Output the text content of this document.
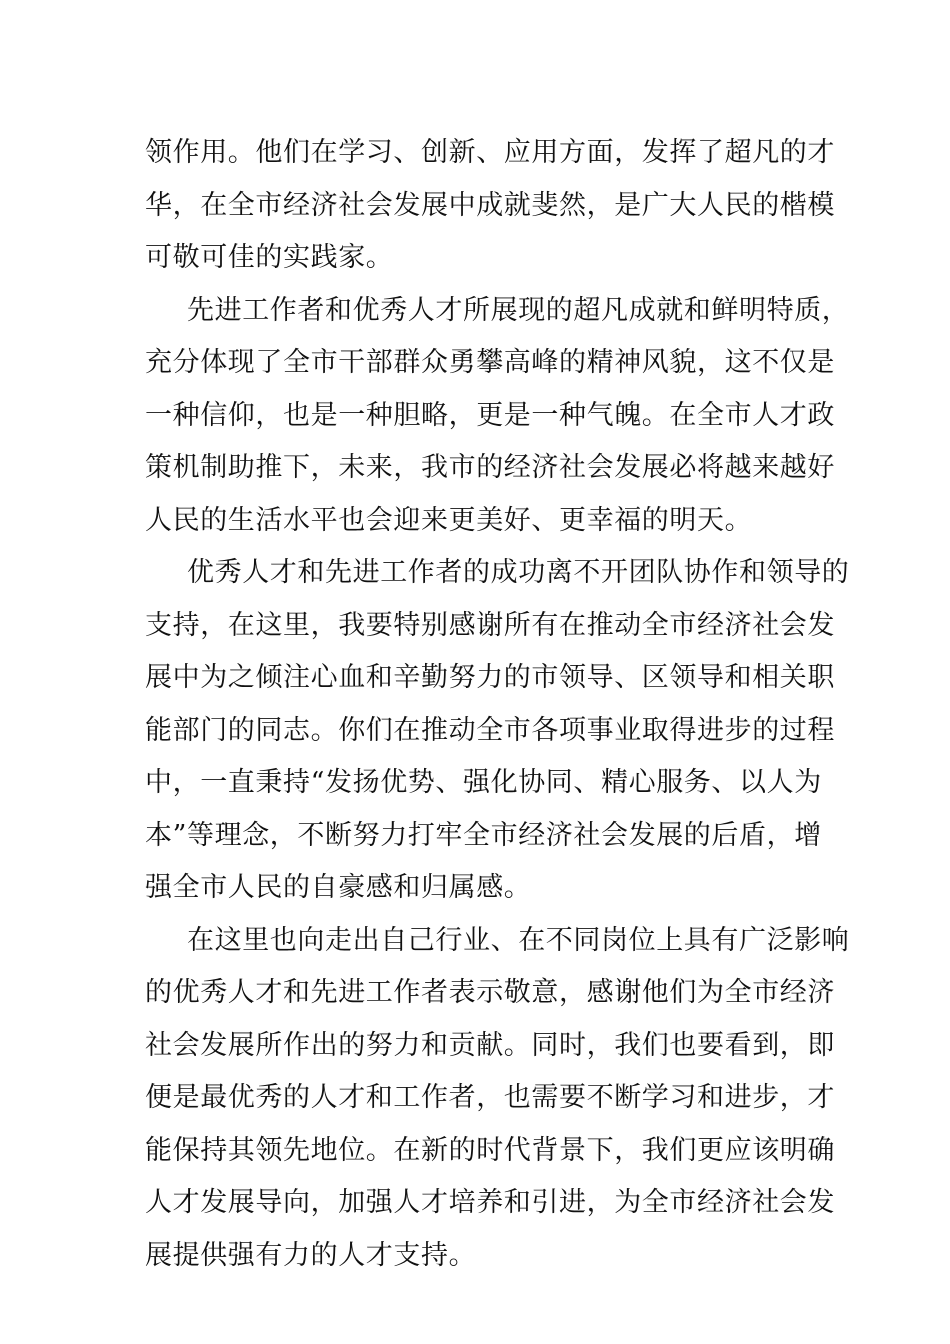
领作用。他们在学习、创新、应用方面，发挥了超凡的才
华，在全市经济社会发展中成就斐然，是广大人民的楷模
可敬可佳的实践家。
先进工作者和优秀人才所展现的超凡成就和鲜明特质，
充分体现了全市干部群众勇攀高峰的精神风貌，这不仅是
一种信仰，也是一种胆略，更是一种气魄。在全市人才政
策机制助推下，未来，我市的经济社会发展必将越来越好
人民的生活水平也会迎来更美好、更幸福的明天。
优秀人才和先进工作者的成功离不开团队协作和领导的
支持，在这里，我要特别感谢所有在推动全市经济社会发
展中为之倾注心血和辛勤努力的市领导、区领导和相关职
能部门的同志。你们在推动全市各项事业取得进步的过程
中，一直秉持“发扬优势、强化协同、精心服务、以人为
本”等理念，不断努力打牢全市经济社会发展的后盾，增
强全市人民的自豪感和归属感。
在这里也向走出自己行业、在不同岗位上具有广泛影响
的优秀人才和先进工作者表示敬意，感谢他们为全市经济
社会发展所作出的努力和贡献。同时，我们也要看到，即
便是最优秀的人才和工作者，也需要不断学习和进步，才
能保持其领先地位。在新的时代背景下，我们更应该明确
人才发展导向，加强人才培养和引进，为全市经济社会发
展提供强有力的人才支持。
